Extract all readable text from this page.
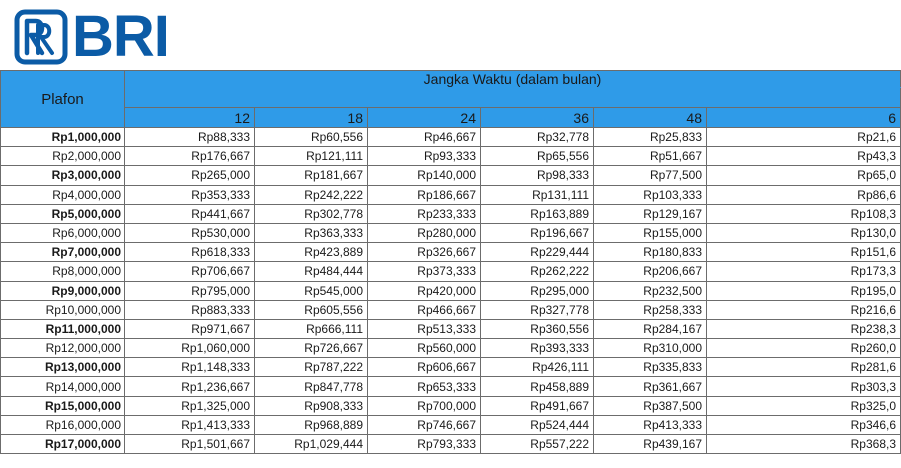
BRI
Plafon	Jangka Waktu (dalam bulan)					

	12	18	24	36	48	6
Rp1,000,000	Rp88,333	Rp60,556	Rp46,667	Rp32,778	Rp25,833	Rp21,6
Rp2,000,000	Rp176,667	Rp121,111	Rp93,333	Rp65,556	Rp51,667	Rp43,3
Rp3,000,000	Rp265,000	Rp181,667	Rp140,000	Rp98,333	Rp77,500	Rp65,0
Rp4,000,000	Rp353,333	Rp242,222	Rp186,667	Rp131,111	Rp103,333	Rp86,6
Rp5,000,000	Rp441,667	Rp302,778	Rp233,333	Rp163,889	Rp129,167	Rp108,3
Rp6,000,000	Rp530,000	Rp363,333	Rp280,000	Rp196,667	Rp155,000	Rp130,0
Rp7,000,000	Rp618,333	Rp423,889	Rp326,667	Rp229,444	Rp180,833	Rp151,6
Rp8,000,000	Rp706,667	Rp484,444	Rp373,333	Rp262,222	Rp206,667	Rp173,3
Rp9,000,000	Rp795,000	Rp545,000	Rp420,000	Rp295,000	Rp232,500	Rp195,0
Rp10,000,000	Rp883,333	Rp605,556	Rp466,667	Rp327,778	Rp258,333	Rp216,6
Rp11,000,000	Rp971,667	Rp666,111	Rp513,333	Rp360,556	Rp284,167	Rp238,3
Rp12,000,000	Rp1,060,000	Rp726,667	Rp560,000	Rp393,333	Rp310,000	Rp260,0
Rp13,000,000	Rp1,148,333	Rp787,222	Rp606,667	Rp426,111	Rp335,833	Rp281,6
Rp14,000,000	Rp1,236,667	Rp847,778	Rp653,333	Rp458,889	Rp361,667	Rp303,3
Rp15,000,000	Rp1,325,000	Rp908,333	Rp700,000	Rp491,667	Rp387,500	Rp325,0
Rp16,000,000	Rp1,413,333	Rp968,889	Rp746,667	Rp524,444	Rp413,333	Rp346,6
Rp17,000,000	Rp1,501,667	Rp1,029,444	Rp793,333	Rp557,222	Rp439,167	Rp368,3
